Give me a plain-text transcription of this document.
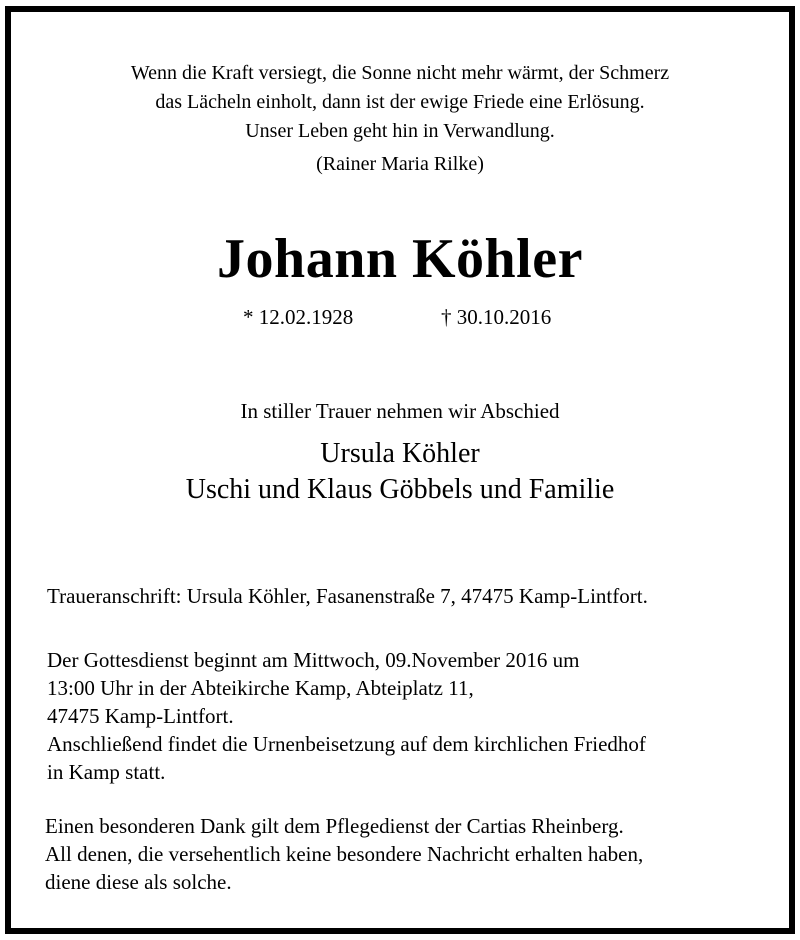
Wenn die Kraft versiegt, die Sonne nicht mehr wärmt, der Schmerz
das Lächeln einholt, dann ist der ewige Friede eine Erlösung.
Unser Leben geht hin in Verwandlung.

(Rainer Maria Rilke)

Johann Köhler

* 12.02.1928	† 30.10.2016

In stiller Trauer nehmen wir Abschied

Ursula Köhler
Uschi und Klaus Göbbels und Familie

Traueranschrift: Ursula Köhler, Fasanenstraße 7, 47475 Kamp-Lintfort.

Der Gottesdienst beginnt am Mittwoch, 09.November 2016 um
13:00 Uhr in der Abteikirche Kamp, Abteiplatz 11,
47475 Kamp-Lintfort.
Anschließend findet die Urnenbeisetzung auf dem kirchlichen Friedhof
in Kamp statt.

Einen besonderen Dank gilt dem Pflegedienst der Cartias Rheinberg.
All denen, die versehentlich keine besondere Nachricht erhalten haben,
diene diese als solche.
